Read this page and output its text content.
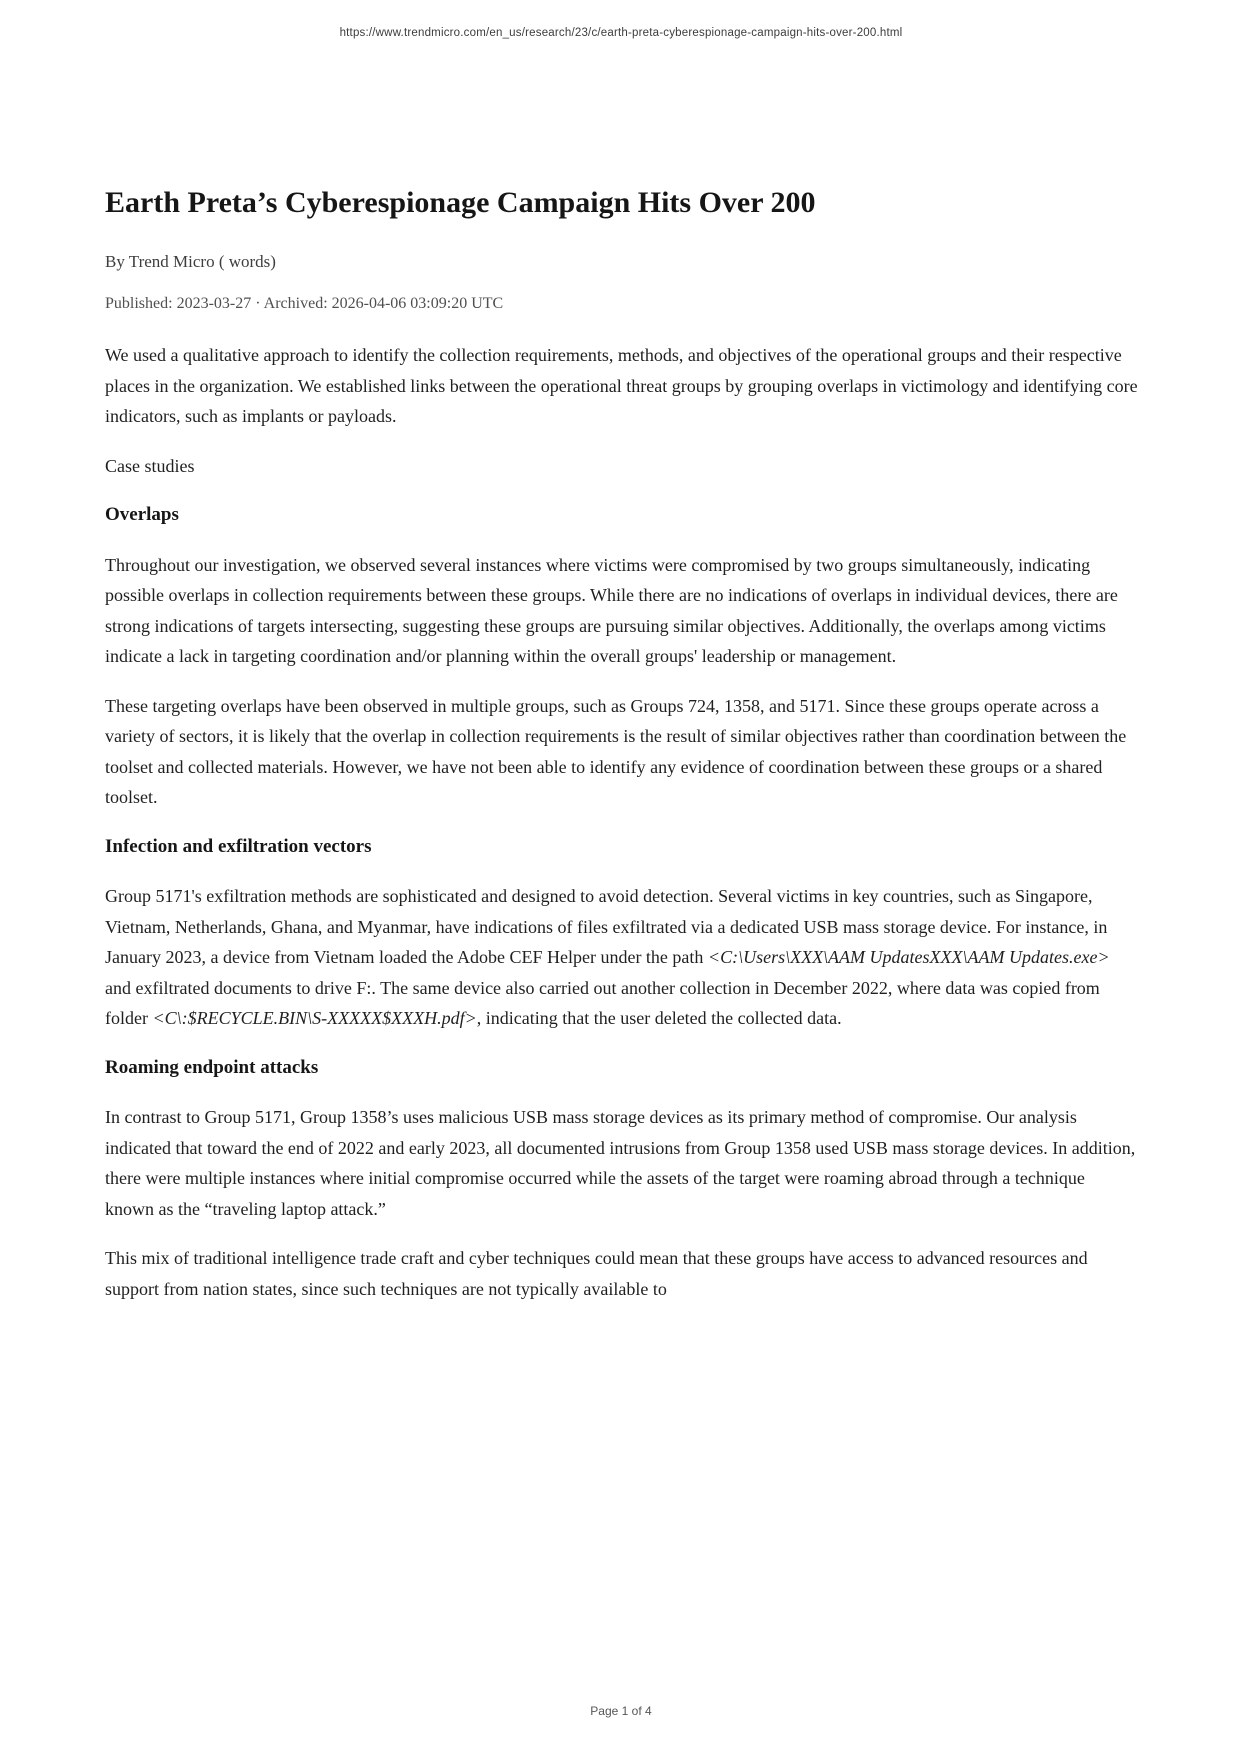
https://www.trendmicro.com/en_us/research/23/c/earth-preta-cyberespionage-campaign-hits-over-200.html
Earth Preta’s Cyberespionage Campaign Hits Over 200

By Trend Micro ( words)

Published: 2023-03-27 · Archived: 2026-04-06 03:09:20 UTC

We used a qualitative approach to identify the collection requirements, methods, and objectives of the operational groups and their respective places in the organization. We established links between the operational threat groups by grouping overlaps in victimology and identifying core indicators, such as implants or payloads.

Case studies

Overlaps

Throughout our investigation, we observed several instances where victims were compromised by two groups simultaneously, indicating possible overlaps in collection requirements between these groups. While there are no indications of overlaps in individual devices, there are strong indications of targets intersecting, suggesting these groups are pursuing similar objectives. Additionally, the overlaps among victims indicate a lack in targeting coordination and/or planning within the overall groups' leadership or management.

These targeting overlaps have been observed in multiple groups, such as Groups 724, 1358, and 5171. Since these groups operate across a variety of sectors, it is likely that the overlap in collection requirements is the result of similar objectives rather than coordination between the toolset and collected materials. However, we have not been able to identify any evidence of coordination between these groups or a shared toolset.

Infection and exfiltration vectors

Group 5171's exfiltration methods are sophisticated and designed to avoid detection. Several victims in key countries, such as Singapore, Vietnam, Netherlands, Ghana, and Myanmar, have indications of files exfiltrated via a dedicated USB mass storage device. For instance, in January 2023, a device from Vietnam loaded the Adobe CEF Helper under the path <C:\Users\XXX\AAM UpdatesXXX\AAM Updates.exe> and exfiltrated documents to drive F:. The same device also carried out another collection in December 2022, where data was copied from folder <C\:$RECYCLE.BIN\S-XXXXX$XXXH.pdf>, indicating that the user deleted the collected data.

Roaming endpoint attacks

In contrast to Group 5171, Group 1358’s uses malicious USB mass storage devices as its primary method of compromise. Our analysis indicated that toward the end of 2022 and early 2023, all documented intrusions from Group 1358 used USB mass storage devices. In addition, there were multiple instances where initial compromise occurred while the assets of the target were roaming abroad through a technique known as the “traveling laptop attack.”

This mix of traditional intelligence trade craft and cyber techniques could mean that these groups have access to advanced resources and support from nation states, since such techniques are not typically available to

Page 1 of 4
